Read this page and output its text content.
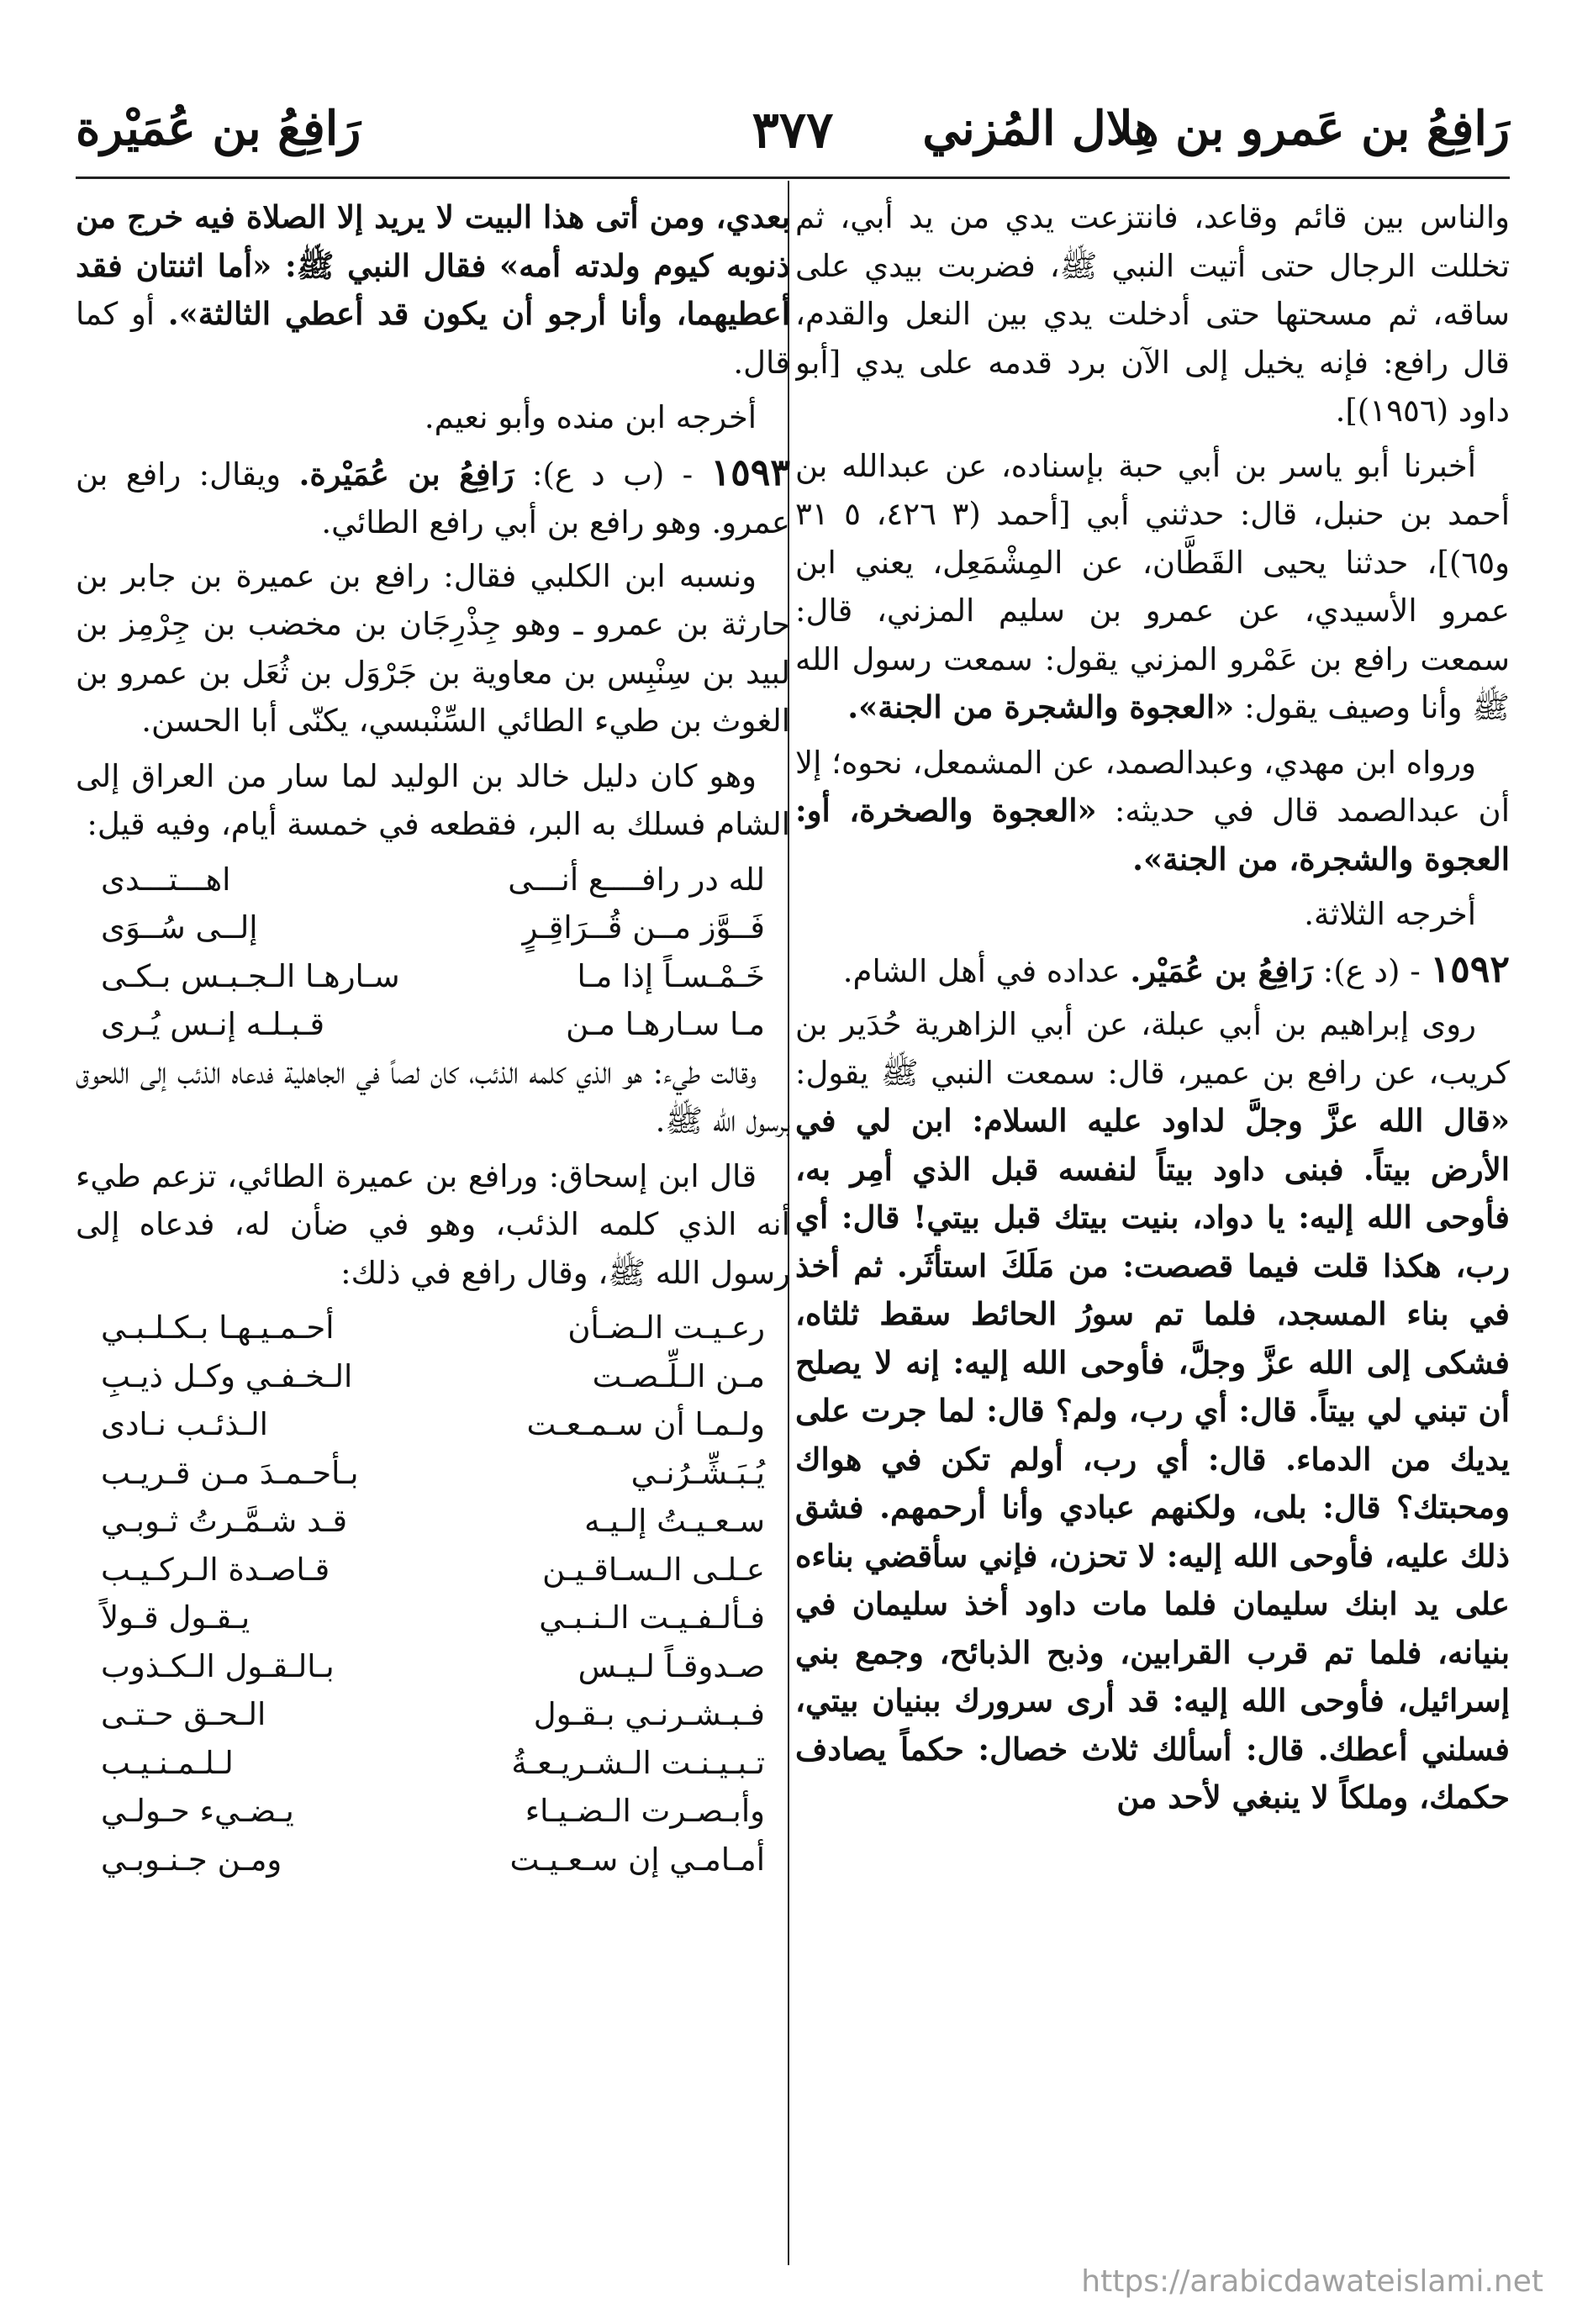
رَافِعُ بن عَمرو بن هِلال المُزني
٣٧٧
رَافِعُ بن عُمَيْرة

والناس بين قائم وقاعد، فانتزعت يدي من يد أبي، ثم تخللت الرجال حتى أتيت النبي ﷺ، فضربت بيدي على ساقه، ثم مسحتها حتى أدخلت يدي بين النعل والقدم، قال رافع: فإنه يخيل إلى الآن برد قدمه على يدي [أبو داود (١٩٥٦)].

أخبرنا أبو ياسر بن أبي حبة بإسناده، عن عبدالله بن أحمد بن حنبل، قال: حدثني أبي [أحمد (٣ ٤٢٦، ٥ ٣١ و٦٥)]، حدثنا يحيى القَطَّان، عن المِشْمَعِل، يعني ابن عمرو الأسيدي، عن عمرو بن سليم المزني، قال: سمعت رافع بن عَمْرو المزني يقول: سمعت رسول الله ﷺ وأنا وصيف يقول: «العجوة والشجرة من الجنة».

ورواه ابن مهدي، وعبدالصمد، عن المشمعل، نحوه؛ إلا أن عبدالصمد قال في حديثه: «العجوة والصخرة، أو: العجوة والشجرة، من الجنة».

أخرجه الثلاثة.

١٥٩٢ - (د ع): رَافِعُ بن عُمَيْر. عداده في أهل الشام.

روى إبراهيم بن أبي عبلة، عن أبي الزاهرية حُدَير بن كريب، عن رافع بن عمير، قال: سمعت النبي ﷺ يقول: «قال الله عزَّ وجلَّ لداود عليه السلام: ابن لي في الأرض بيتاً. فبنى داود بيتاً لنفسه قبل الذي أمِر به، فأوحى الله إليه: يا دواد، بنيت بيتك قبل بيتي! قال: أي رب، هكذا قلت فيما قصصت: من مَلَكَ استأثَر. ثم أخذ في بناء المسجد، فلما تم سورُ الحائط سقط ثلثاه، فشكى إلى الله عزَّ وجلَّ، فأوحى الله إليه: إنه لا يصلح أن تبني لي بيتاً. قال: أي رب، ولم؟ قال: لما جرت على يديك من الدماء. قال: أي رب، أولم تكن في هواك ومحبتك؟ قال: بلى، ولكنهم عبادي وأنا أرحمهم. فشق ذلك عليه، فأوحى الله إليه: لا تحزن، فإني سأقضي بناءه على يد ابنك سليمان فلما مات داود أخذ سليمان في بنيانه، فلما تم قرب القرابين، وذبح الذبائح، وجمع بني إسرائيل، فأوحى الله إليه: قد أرى سرورك ببنيان بيتي، فسلني أعطك. قال: أسألك ثلاث خصال: حكماً يصادف حكمك، وملكاً لا ينبغي لأحد من

بعدي، ومن أتى هذا البيت لا يريد إلا الصلاة فيه خرج من ذنوبه كيوم ولدته أمه» فقال النبي ﷺ: «أما اثنتان فقد أعطيهما، وأنا أرجو أن يكون قد أعطي الثالثة». أو كما قال.

أخرجه ابن منده وأبو نعيم.

١٥٩٣ - (ب د ع): رَافِعُ بن عُمَيْرة. ويقال: رافع بن عمرو. وهو رافع بن أبي رافع الطائي.

ونسبه ابن الكلبي فقال: رافع بن عميرة بن جابر بن حارثة بن عمرو ـ وهو جِذْرِجَان بن مخضب بن جِرْمِز بن لبيد بن سِنْبِس بن معاوية بن جَرْوَل بن ثُعَل بن عمرو بن الغوث بن طيء الطائي السِّنْبسي، يكنّى أبا الحسن.

وهو كان دليل خالد بن الوليد لما سار من العراق إلى الشام فسلك به البر، فقطعه في خمسة أيام، وفيه قيل:

لله در رافــــع أنـــى
اهـــتـــدى
فَــوَّز مــن قُــرَاقِـرٍ
إلــى سُــوَى
خَـمْـسـاً إذا مـا
سـارهـا الـجـبـس بـكـى
مـا سـارهـا مـن
قـبـلـه إنـس يُـرى

وقالت طيء: هو الذي كلمه الذئب، كان لصاً في الجاهلية فدعاه الذئب إلى اللحوق برسول الله ﷺ.

قال ابن إسحاق: ورافع بن عميرة الطائي، تزعم طيء أنه الذي كلمه الذئب، وهو في ضأن له، فدعاه إلى رسول الله ﷺ، وقال رافع في ذلك:

رعـيـت الـضـأن
أحـمـيـهـا بـكـلـبـي
مـن الـلِّـصـت
الـخـفـي وكـل ذيـبِ
ولـمـا أن سـمـعـت
الـذئـب نـادى
يُـبَـشِّـرُنـي
بـأحـمـدَ مـن قـريـب
سـعـيـتُ إلـيـه
قـد شـمَّـرتُ ثـوبـي
عـلـى الـسـاقـيـن
قـاصـدة الـركـيـب
فـألـفـيـت الـنـبـي
يـقـول قـولاً
صـدوقـاً لـيـس
بـالـقـول الـكـذوب
فـبـشـرنـي بـقـول
الـحـق حـتـى
تـبـيـنـت الـشـريـعـةُ
لـلـمـنـيـب
وأبـصـرت الـضـيـاء
يـضـيء حـولـي
أمـامـي إن سـعـيـت
ومـن جـنـوبـي
https://arabicdawateislami.net
